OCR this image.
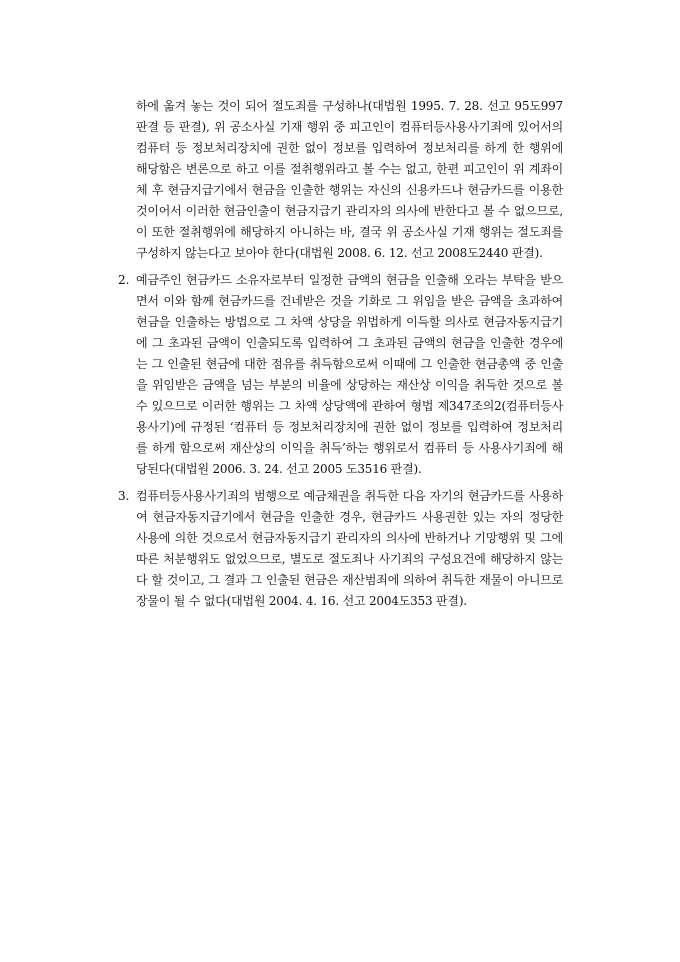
하에 옮겨 놓는 것이 되어 절도죄를 구성하나(대법원 1995. 7. 28. 선고 95도997 판결 등 판결), 위 공소사실 기재 행위 중 피고인이 컴퓨터등사용사기죄에 있어서의 컴퓨터 등 정보처리장치에 권한 없이 정보를 입력하여 정보처리를 하게 한 행위에 해당함은 변론으로 하고 이를 절취행위라고 볼 수는 없고, 한편 피고인이 위 계좌이체 후 현금지급기에서 현금을 인출한 행위는 자신의 신용카드나 현금카드를 이용한 것이어서 이러한 현금인출이 현금지급기 관리자의 의사에 반한다고 볼 수 없으므로, 이 또한 절취행위에 해당하지 아니하는 바, 결국 위 공소사실 기재 행위는 절도죄를 구성하지 않는다고 보아야 한다(대법원 2008. 6. 12. 선고 2008도2440 판결).
2. 예금주인 현금카드 소유자로부터 일정한 금액의 현금을 인출해 오라는 부탁을 받으면서 이와 함께 현금카드를 건네받은 것을 기화로 그 위임을 받은 금액을 초과하여 현금을 인출하는 방법으로 그 차액 상당을 위법하게 이득할 의사로 현금자동지급기에 그 초과된 금액이 인출되도록 입력하여 그 초과된 금액의 현금을 인출한 경우에는 그 인출된 현금에 대한 점유를 취득함으로써 이때에 그 인출한 현금총액 중 인출을 위임받은 금액을 넘는 부분의 비율에 상당하는 재산상 이익을 취득한 것으로 볼 수 있으므로 이러한 행위는 그 차액 상당액에 관하여 형법 제347조의2(컴퓨터등사용사기)에 규정된 ‘컴퓨터 등 정보처리장치에 권한 없이 정보를 입력하여 정보처리를 하게 함으로써 재산상의 이익을 취득’하는 행위로서 컴퓨터 등 사용사기죄에 해당된다(대법원 2006. 3. 24. 선고 2005 도3516 판결).
3. 컴퓨터등사용사기죄의 범행으로 예금채권을 취득한 다음 자기의 현금카드를 사용하여 현금자동지급기에서 현금을 인출한 경우, 현금카드 사용권한 있는 자의 정당한 사용에 의한 것으로서 현금자동지급기 관리자의 의사에 반하거나 기망행위 및 그에 따른 처분행위도 없었으므로, 별도로 절도죄나 사기죄의 구성요건에 해당하지 않는다 할 것이고, 그 결과 그 인출된 현금은 재산범죄에 의하여 취득한 재물이 아니므로 장물이 될 수 없다(대법원 2004. 4. 16. 선고 2004도353 판결).
